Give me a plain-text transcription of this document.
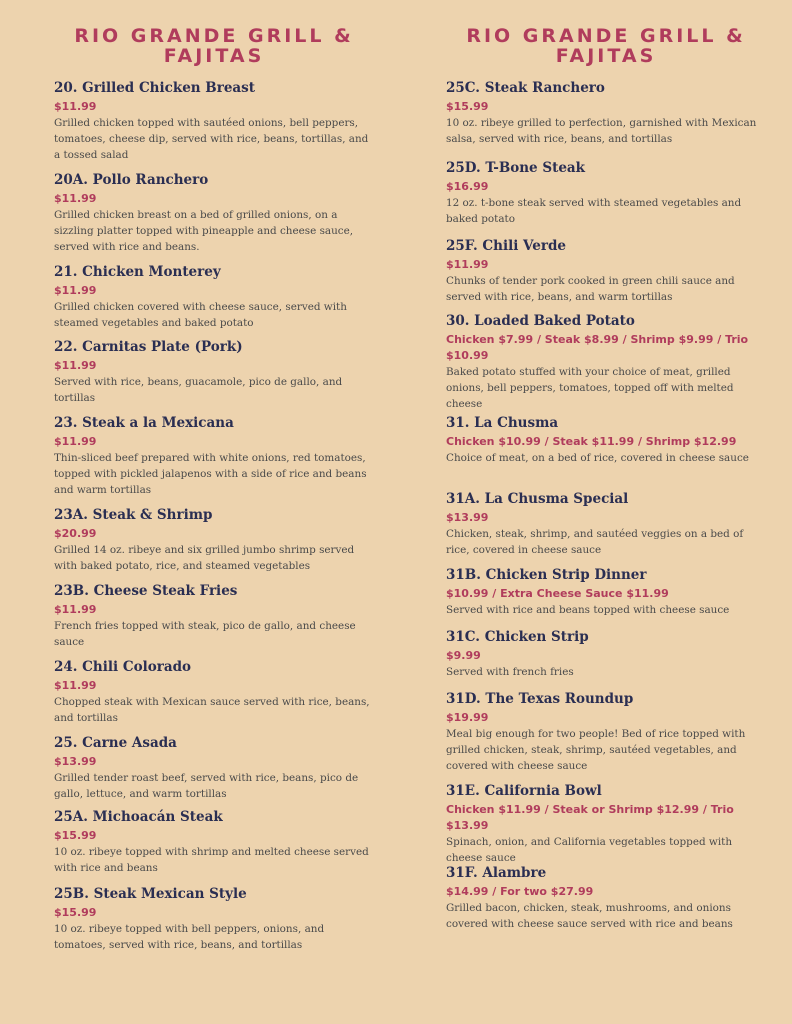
RIO GRANDE GRILL & FAJITAS
20. Grilled Chicken Breast
$11.99
Grilled chicken topped with sautéed onions, bell peppers, tomatoes, cheese dip, served with rice, beans, tortillas, and a tossed salad
20A. Pollo Ranchero
$11.99
Grilled chicken breast on a bed of grilled onions, on a sizzling platter topped with pineapple and cheese sauce, served with rice and beans.
21. Chicken Monterey
$11.99
Grilled chicken covered with cheese sauce, served with steamed vegetables and baked potato
22. Carnitas Plate (Pork)
$11.99
Served with rice, beans, guacamole, pico de gallo, and tortillas
23. Steak a la Mexicana
$11.99
Thin-sliced beef prepared with white onions, red tomatoes, topped with pickled jalapenos with a side of rice and beans and warm tortillas
23A. Steak & Shrimp
$20.99
Grilled 14 oz. ribeye and six grilled jumbo shrimp served with baked potato, rice, and steamed vegetables
23B. Cheese Steak Fries
$11.99
French fries topped with steak, pico de gallo, and cheese sauce
24. Chili Colorado
$11.99
Chopped steak with Mexican sauce served with rice, beans, and tortillas
25. Carne Asada
$13.99
Grilled tender roast beef, served with rice, beans, pico de gallo, lettuce, and warm tortillas
25A. Michoacán Steak
$15.99
10 oz. ribeye topped with shrimp and melted cheese served with rice and beans
25B. Steak Mexican Style
$15.99
10 oz. ribeye topped with bell peppers, onions, and tomatoes, served with rice, beans, and tortillas
RIO GRANDE GRILL & FAJITAS
25C. Steak Ranchero
$15.99
10 oz. ribeye grilled to perfection, garnished with Mexican salsa, served with rice, beans, and tortillas
25D. T-Bone Steak
$16.99
12 oz. t-bone steak served with steamed vegetables and baked potato
25F. Chili Verde
$11.99
Chunks of tender pork cooked in green chili sauce and served with rice, beans, and warm tortillas
30. Loaded Baked Potato
Chicken $7.99 / Steak $8.99 / Shrimp $9.99 / Trio $10.99
Baked potato stuffed with your choice of meat, grilled onions, bell peppers, tomatoes, topped off with melted cheese
31. La Chusma
Chicken $10.99 / Steak $11.99 / Shrimp $12.99
Choice of meat, on a bed of rice, covered in cheese sauce
31A. La Chusma Special
$13.99
Chicken, steak, shrimp, and sautéed veggies on a bed of rice, covered in cheese sauce
31B. Chicken Strip Dinner
$10.99 / Extra Cheese Sauce $11.99
Served with rice and beans topped with cheese sauce
31C. Chicken Strip
$9.99
Served with french fries
31D. The Texas Roundup
$19.99
Meal big enough for two people! Bed of rice topped with grilled chicken, steak, shrimp, sautéed vegetables, and covered with cheese sauce
31E. California Bowl
Chicken $11.99 / Steak or Shrimp $12.99 / Trio $13.99
Spinach, onion, and California vegetables topped with cheese sauce
31F. Alambre
$14.99 / For two $27.99
Grilled bacon, chicken, steak, mushrooms, and onions covered with cheese sauce served with rice and beans
